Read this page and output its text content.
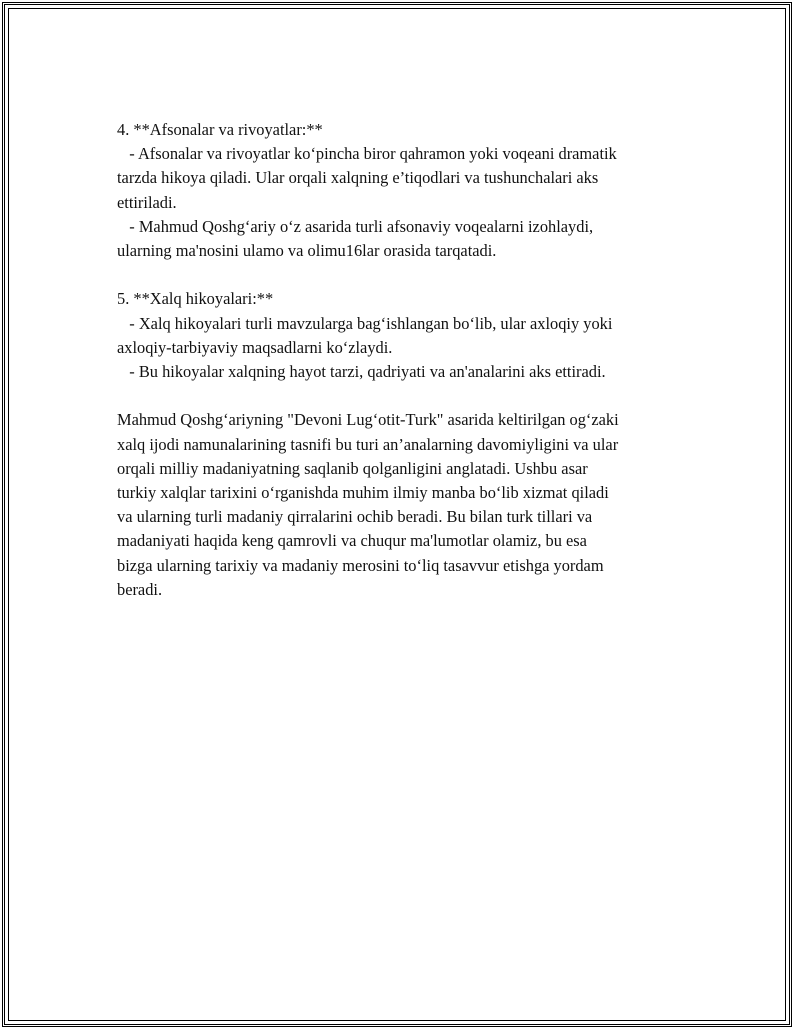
4. **Afsonalar va rivoyatlar:**
- Afsonalar va rivoyatlar ko‘pincha biror qahramon yoki voqeani dramatik
tarzda hikoya qiladi. Ular orqali xalqning e’tiqodlari va tushunchalari aks
ettiriladi.
- Mahmud Qoshg‘ariy o‘z asarida turli afsonaviy voqealarni izohlaydi,
ularning ma'nosini ulamo va olimu16lar orasida tarqatadi.
5. **Xalq hikoyalari:**
- Xalq hikoyalari turli mavzularga bag‘ishlangan bo‘lib, ular axloqiy yoki
axloqiy-tarbiyaviy maqsadlarni ko‘zlaydi.
- Bu hikoyalar xalqning hayot tarzi, qadriyati va an'analarini aks ettiradi.
Mahmud Qoshg‘ariyning "Devoni Lug‘otit-Turk" asarida keltirilgan og‘zaki
xalq ijodi namunalarining tasnifi bu turi an’analarning davomiyligini va ular
orqali milliy madaniyatning saqlanib qolganligini anglatadi. Ushbu asar
turkiy xalqlar tarixini o‘rganishda muhim ilmiy manba bo‘lib xizmat qiladi
va ularning turli madaniy qirralarini ochib beradi. Bu bilan turk tillari va
madaniyati haqida keng qamrovli va chuqur ma'lumotlar olamiz, bu esa
bizga ularning tarixiy va madaniy merosini to‘liq tasavvur etishga yordam
beradi.
